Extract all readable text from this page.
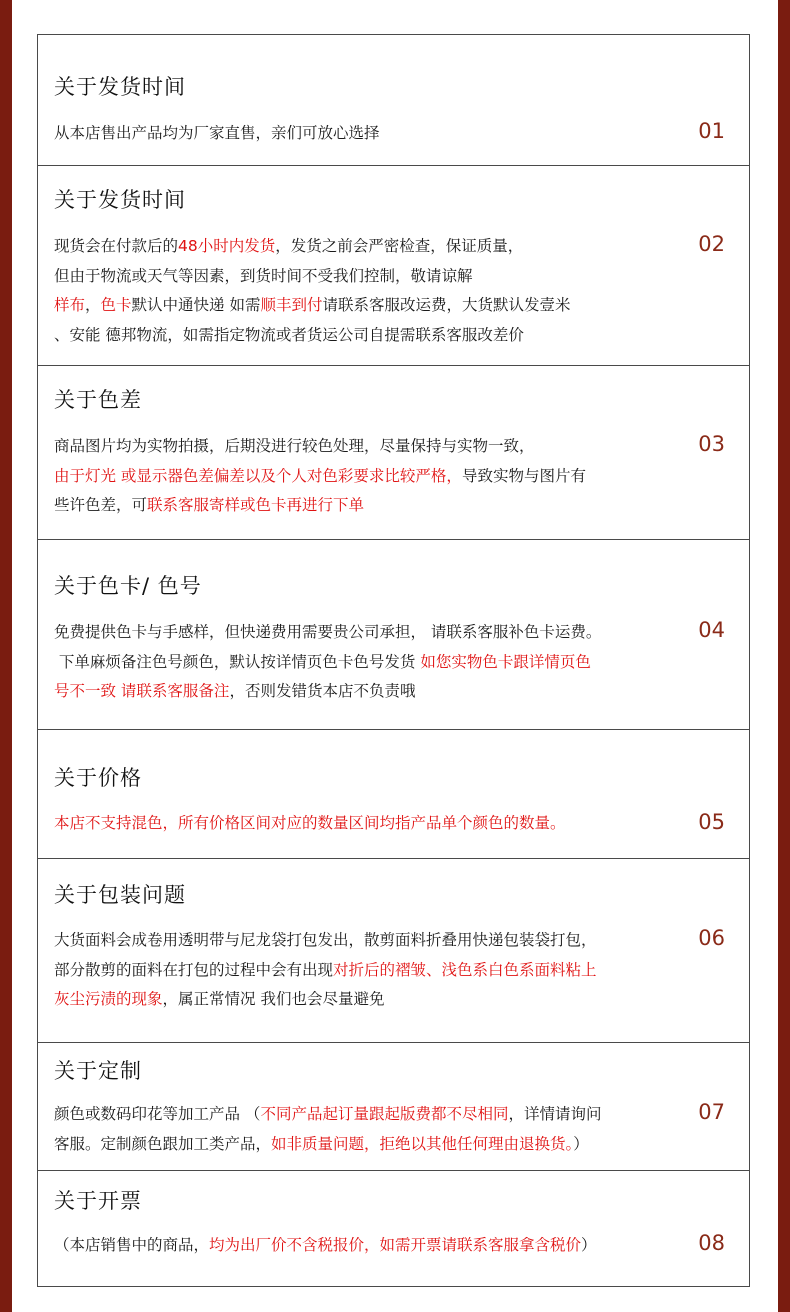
关于发货时间
从本店售出产品均为厂家直售，亲们可放心选择	01
关于发货时间
现货会在付款后的48小时内发货，发货之前会严密检查，保证质量，
但由于物流或天气等因素，到货时间不受我们控制，敬请谅解
样布，色卡默认中通快递 如需顺丰到付请联系客服改运费，大货默认发壹米
、安能 德邦物流，如需指定物流或者货运公司自提需联系客服改差价
02
关于色差
商品图片均为实物拍摄，后期没进行较色处理，尽量保持与实物一致，
由于灯光 或显示器色差偏差以及个人对色彩要求比较严格，导致实物与图片有
些许色差，可联系客服寄样或色卡再进行下单
03
关于色卡/ 色号
免费提供色卡与手感样，但快递费用需要贵公司承担， 请联系客服补色卡运费。
下单麻烦备注色号颜色，默认按详情页色卡色号发货 如您实物色卡跟详情页色
号不一致 请联系客服备注，否则发错货本店不负责哦
04
关于价格
本店不支持混色，所有价格区间对应的数量区间均指产品单个颜色的数量。	05
关于包装问题
大货面料会成卷用透明带与尼龙袋打包发出，散剪面料折叠用快递包装袋打包，
部分散剪的面料在打包的过程中会有出现对折后的褶皱、浅色系白色系面料粘上
灰尘污渍的现象，属正常情况 我们也会尽量避免
06
关于定制
颜色或数码印花等加工产品 （不同产品起订量跟起版费都不尽相同，详情请询问
客服。定制颜色跟加工类产品，如非质量问题，拒绝以其他任何理由退换货。）
07
关于开票
（本店销售中的商品，均为出厂价不含税报价，如需开票请联系客服拿含税价）	08
